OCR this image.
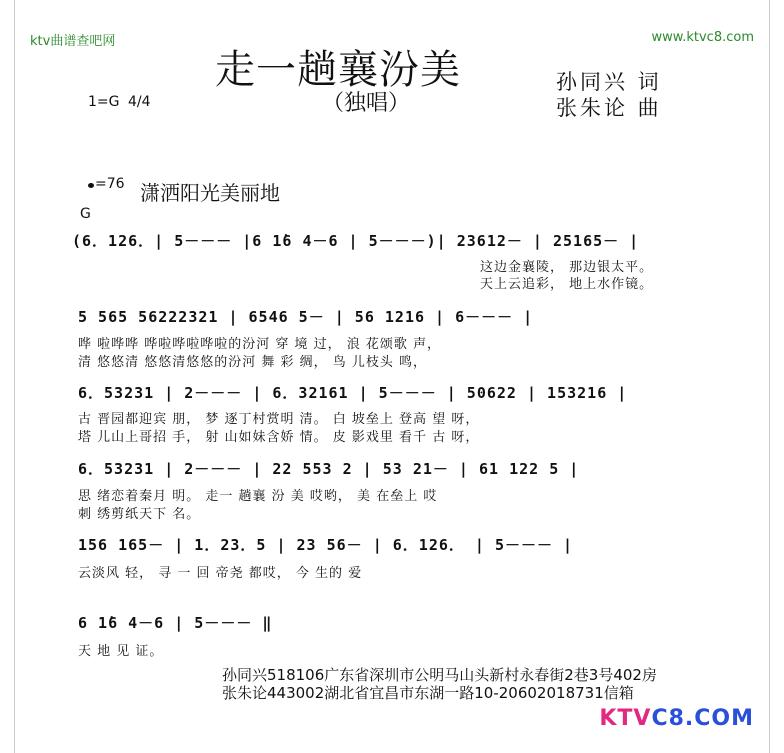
ktv曲谱查吧网	www.ktvc8.com
走一趟襄汾美
（独唱）
孙同兴 词
张朱论 曲
1=G 4/4
=76 潇洒阳光美丽地
G
(6．126．| 5－－－ |6 1̇6 4－6 | 5－－－)| 23612－ | 25165－ |
这边金襄陵， 那边银太平。
天上云追彩， 地上水作镜。
5 565 56222321 | 6546 5－ | 56 1216 | 6－－－ |
哗 啦哗哗 哗啦哗啦哗啦的汾河 穿 境 过， 浪 花颂歌 声，
清 悠悠清 悠悠清悠悠的汾河 舞 彩 绸， 鸟 儿枝头 鸣，
6．53231 | 2－－－ | 6．32161 | 5－－－ | 50622 | 153216 |
古 晋园都迎宾 朋， 梦 逐丁村赏明 清。 白 坡垒上 登高 望 呀，
塔 儿山上哥招 手， 射 山如妹含娇 情。 皮 影戏里 看千 古 呀，
6．53231 | 2－－－ | 22 553 2 | 53 21－ | 61 122 5 |
思 绪恋着秦月 明。 走一 趟襄 汾 美 哎哟， 美 在垒上 哎
刺 绣剪纸天下 名。
156 165－ | 1．23．5 | 23 56－ | 6．126． | 5－－－ |
云淡风 轻， 寻 一 回 帝尧 都哎， 今 生的 爱
6 1̇6 4－6 | 5－－－ ‖
天 地 见 证。
孙同兴518106广东省深圳市公明马山头新村永春街2巷3号402房
张朱论443002湖北省宜昌市东湖一路10-20602018731信箱
KTVC8.COM
